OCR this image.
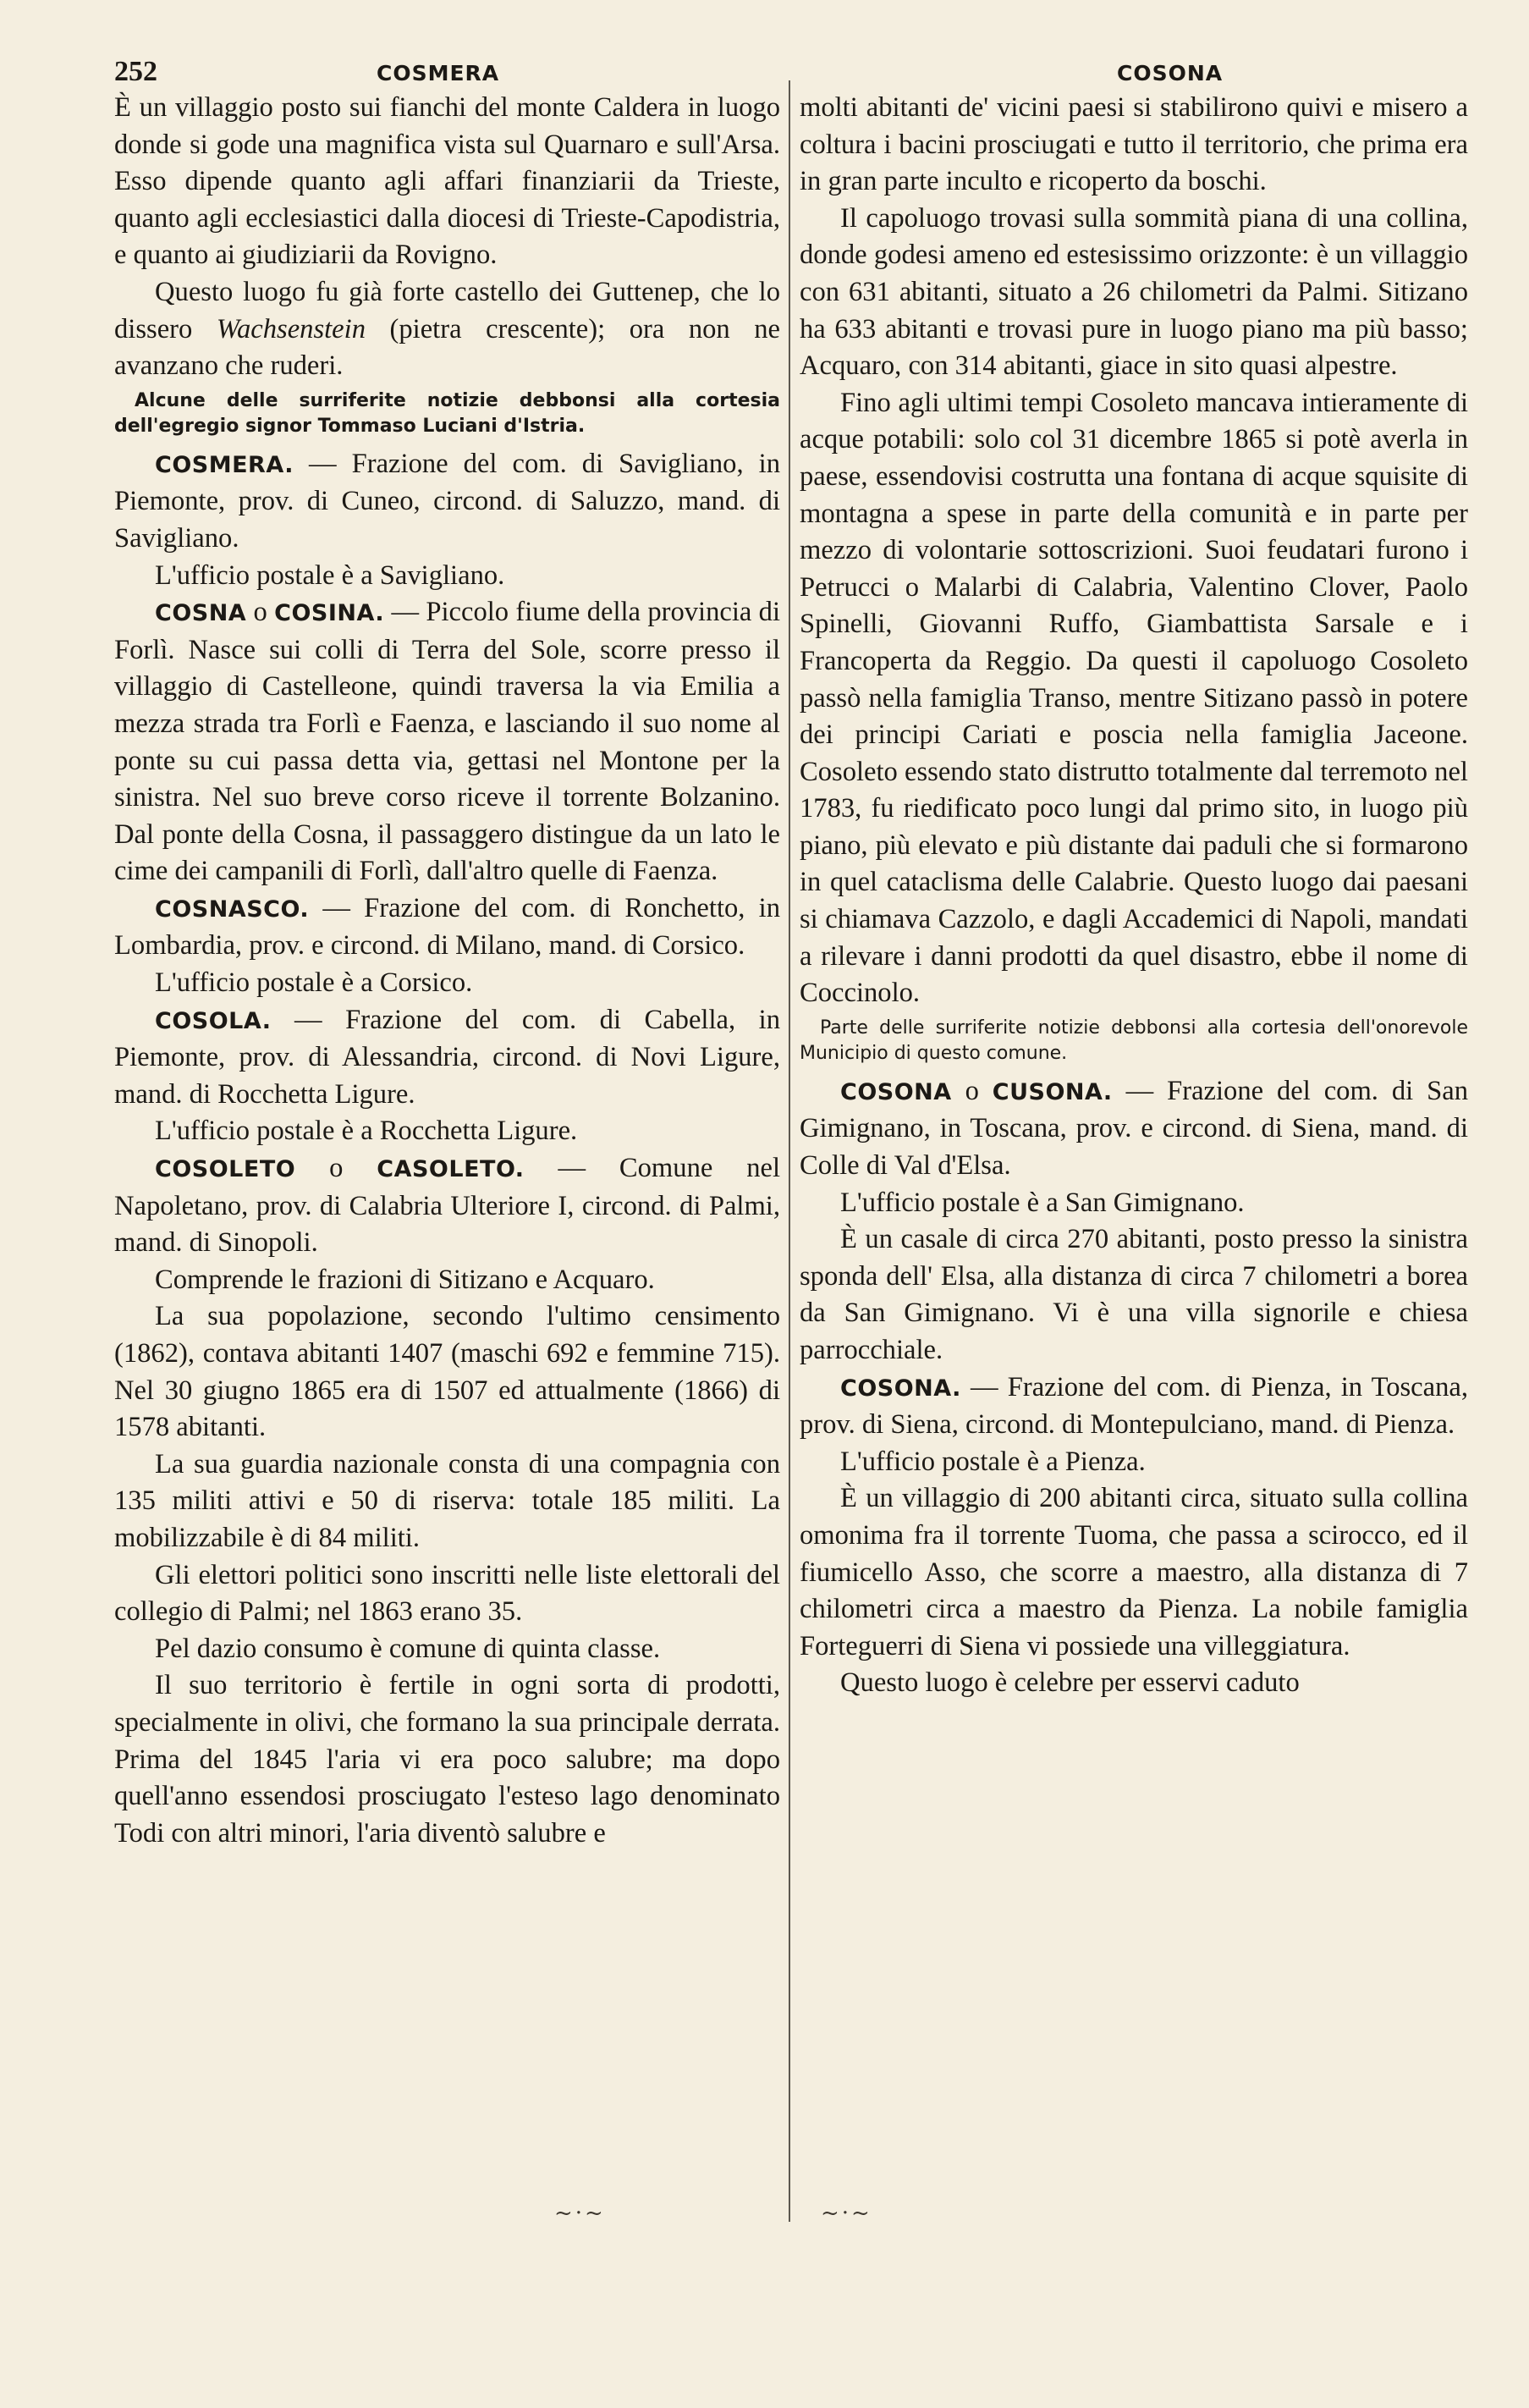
252	COSMERA	COSONA

È un villaggio posto sui fianchi del monte Caldera in luogo donde si gode una magnifica vista sul Quarnaro e sull'Arsa. Esso dipende quanto agli affari finanziarii da Trieste, quanto agli ecclesiastici dalla diocesi di Trieste-Capodistria, e quanto ai giudiziarii da Rovigno.

Questo luogo fu già forte castello dei Guttenep, che lo dissero Wachsenstein (pietra crescente); ora non ne avanzano che ruderi.

Alcune delle surriferite notizie debbonsi alla cortesia dell'egregio signor Tommaso Luciani d'Istria.

COSMERA. — Frazione del com. di Savigliano, in Piemonte, prov. di Cuneo, circond. di Saluzzo, mand. di Savigliano.

L'ufficio postale è a Savigliano.

COSNA o COSINA. — Piccolo fiume della provincia di Forlì. Nasce sui colli di Terra del Sole, scorre presso il villaggio di Castelleone, quindi traversa la via Emilia a mezza strada tra Forlì e Faenza, e lasciando il suo nome al ponte su cui passa detta via, gettasi nel Montone per la sinistra. Nel suo breve corso riceve il torrente Bolzanino. Dal ponte della Cosna, il passaggero distingue da un lato le cime dei campanili di Forlì, dall'altro quelle di Faenza.

COSNASCO. — Frazione del com. di Ronchetto, in Lombardia, prov. e circond. di Milano, mand. di Corsico.

L'ufficio postale è a Corsico.

COSOLA. — Frazione del com. di Cabella, in Piemonte, prov. di Alessandria, circond. di Novi Ligure, mand. di Rocchetta Ligure.

L'ufficio postale è a Rocchetta Ligure.

COSOLETO o CASOLETO. — Comune nel Napoletano, prov. di Calabria Ulteriore I, circond. di Palmi, mand. di Sinopoli.

Comprende le frazioni di Sitizano e Acquaro.

La sua popolazione, secondo l'ultimo censimento (1862), contava abitanti 1407 (maschi 692 e femmine 715). Nel 30 giugno 1865 era di 1507 ed attualmente (1866) di 1578 abitanti.

La sua guardia nazionale consta di una compagnia con 135 militi attivi e 50 di riserva: totale 185 militi. La mobilizzabile è di 84 militi.

Gli elettori politici sono inscritti nelle liste elettorali del collegio di Palmi; nel 1863 erano 35.

Pel dazio consumo è comune di quinta classe.

Il suo territorio è fertile in ogni sorta di prodotti, specialmente in olivi, che formano la sua principale derrata. Prima del 1845 l'aria vi era poco salubre; ma dopo quell'anno essendosi prosciugato l'esteso lago denominato Todi con altri minori, l'aria diventò salubre e

molti abitanti de' vicini paesi si stabilirono quivi e misero a coltura i bacini prosciugati e tutto il territorio, che prima era in gran parte inculto e ricoperto da boschi.

Il capoluogo trovasi sulla sommità piana di una collina, donde godesi ameno ed estesissimo orizzonte: è un villaggio con 631 abitanti, situato a 26 chilometri da Palmi. Sitizano ha 633 abitanti e trovasi pure in luogo piano ma più basso; Acquaro, con 314 abitanti, giace in sito quasi alpestre.

Fino agli ultimi tempi Cosoleto mancava intieramente di acque potabili: solo col 31 dicembre 1865 si potè averla in paese, essendovisi costrutta una fontana di acque squisite di montagna a spese in parte della comunità e in parte per mezzo di volontarie sottoscrizioni. Suoi feudatari furono i Petrucci o Malarbi di Calabria, Valentino Clover, Paolo Spinelli, Giovanni Ruffo, Giambattista Sarsale e i Francoperta da Reggio. Da questi il capoluogo Cosoleto passò nella famiglia Transo, mentre Sitizano passò in potere dei principi Cariati e poscia nella famiglia Jaceone. Cosoleto essendo stato distrutto totalmente dal terremoto nel 1783, fu riedificato poco lungi dal primo sito, in luogo più piano, più elevato e più distante dai paduli che si formarono in quel cataclisma delle Calabrie. Questo luogo dai paesani si chiamava Cazzolo, e dagli Accademici di Napoli, mandati a rilevare i danni prodotti da quel disastro, ebbe il nome di Coccinolo.

Parte delle surriferite notizie debbonsi alla cortesia dell'onorevole Municipio di questo comune.

COSONA o CUSONA. — Frazione del com. di San Gimignano, in Toscana, prov. e circond. di Siena, mand. di Colle di Val d'Elsa.

L'ufficio postale è a San Gimignano.

È un casale di circa 270 abitanti, posto presso la sinistra sponda dell' Elsa, alla distanza di circa 7 chilometri a borea da San Gimignano. Vi è una villa signorile e chiesa parrocchiale.

COSONA. — Frazione del com. di Pienza, in Toscana, prov. di Siena, circond. di Montepulciano, mand. di Pienza.

L'ufficio postale è a Pienza.

È un villaggio di 200 abitanti circa, situato sulla collina omonima fra il torrente Tuoma, che passa a scirocco, ed il fiumicello Asso, che scorre a maestro, alla distanza di 7 chilometri circa a maestro da Pienza. La nobile famiglia Forteguerri di Siena vi possiede una villeggiatura.

Questo luogo è celebre per esservi caduto

~·~	~·~
